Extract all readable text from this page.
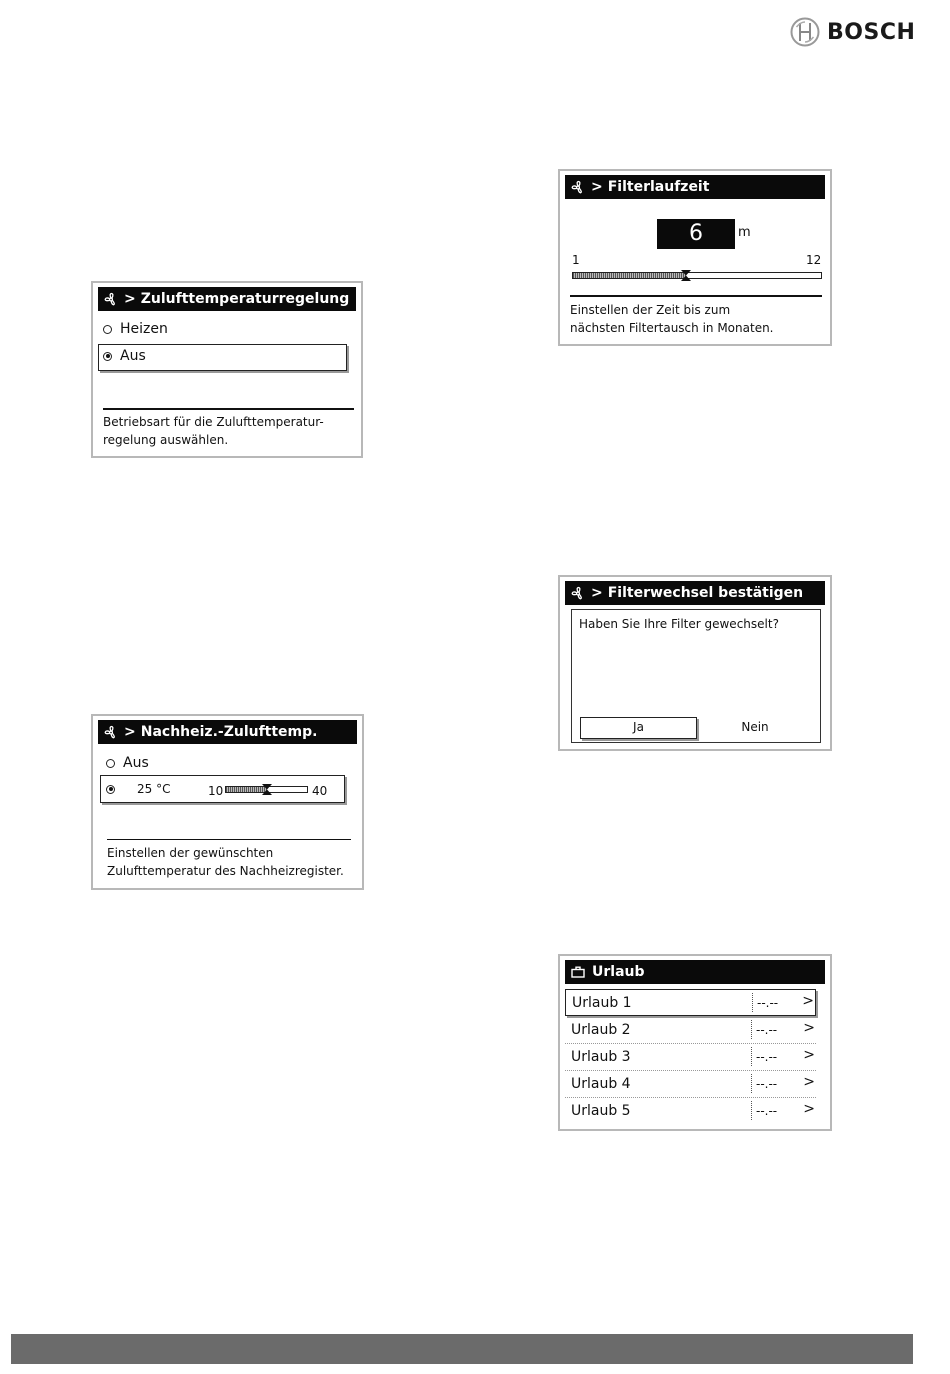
BOSCH
> Zulufttemperaturregelung
Heizen
Aus
Betriebsart für die Zulufttemperatur-
regelung auswählen.
> Nachheiz.-Zulufttemp.
Aus
25 °C	10	40
Einstellen der gewünschten
Zulufttemperatur des Nachheizregister.
> Filterlaufzeit
6	m
1	12
Einstellen der Zeit bis zum
nächsten Filtertausch in Monaten.
> Filterwechsel bestätigen
Haben Sie Ihre Filter gewechselt?
Ja	Nein
Urlaub
Urlaub 1	--.-- >
Urlaub 2	--.-- >
Urlaub 3	--.-- >
Urlaub 4	--.-- >
Urlaub 5	--.-- >
